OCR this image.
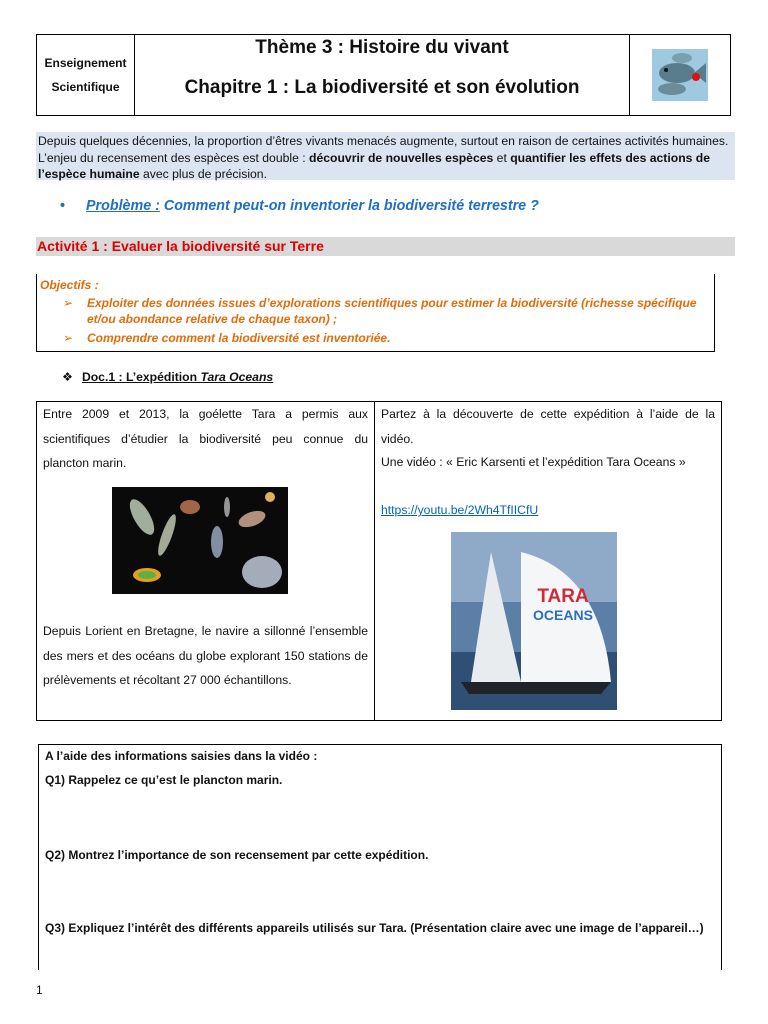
Enseignement
Scientifique
Thème 3 : Histoire du vivant
Chapitre 1 : La biodiversité et son évolution
Depuis quelques décennies, la proportion d’êtres vivants menacés augmente, surtout en raison de certaines activités humaines. L’enjeu du recensement des espèces est double : découvrir de nouvelles espèces et quantifier les effets des actions de l’espèce humaine avec plus de précision.
• Problème : Comment peut-on inventorier la biodiversité terrestre ?
Activité 1 : Evaluer la biodiversité sur Terre
Objectifs :
➢ Exploiter des données issues d’explorations scientifiques pour estimer la biodiversité (richesse spécifique et/ou abondance relative de chaque taxon) ;
➢ Comprendre comment la biodiversité est inventoriée.
❖ Doc.1 : L’expédition Tara Oceans
Entre 2009 et 2013, la goélette Tara a permis aux scientifiques d’étudier la biodiversité peu connue du plancton marin.
Depuis Lorient en Bretagne, le navire a sillonné l’ensemble des mers et des océans du globe explorant 150 stations de prélèvements et récoltant 27 000 échantillons.
Partez à la découverte de cette expédition à l’aide de la vidéo.
Une vidéo : « Eric Karsenti et l’expédition Tara Oceans »
https://youtu.be/2Wh4TfIICfU
TARA
OCEANS
A l’aide des informations saisies dans la vidéo :
Q1) Rappelez ce qu’est le plancton marin.
Q2) Montrez l’importance de son recensement par cette expédition.
Q3) Expliquez l’intérêt des différents appareils utilisés sur Tara. (Présentation claire avec une image de l’appareil…)
1
